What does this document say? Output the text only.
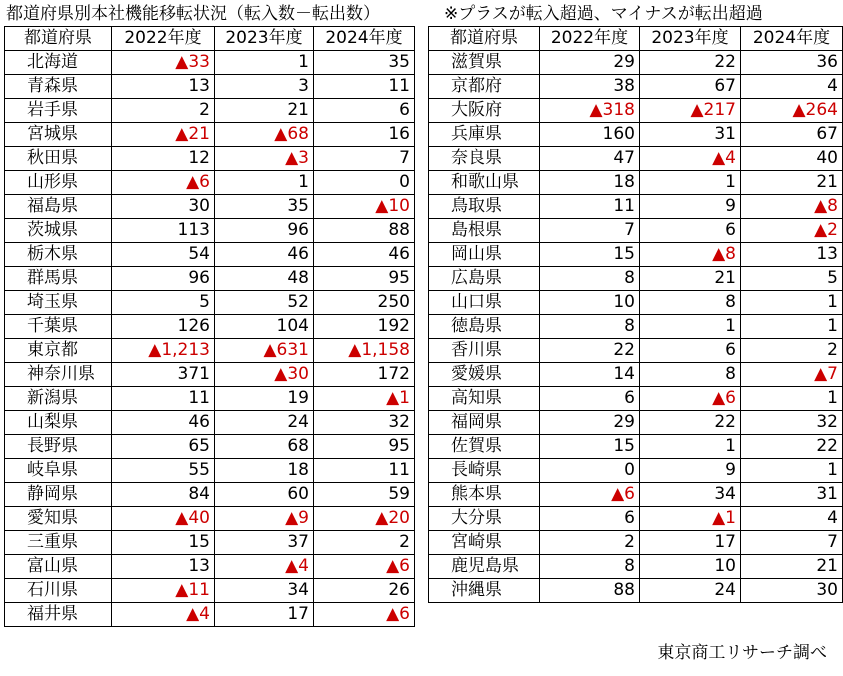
都道府県別本社機能移転状況（転入数－転出数）	※プラスが転入超過、マイナスが転出超過
都道府県	2022年度	2023年度	2024年度
北海道	▲33	1	35
青森県	13	3	11
岩手県	2	21	6
宮城県	▲21	▲68	16
秋田県	12	▲3	7
山形県	▲6	1	0
福島県	30	35	▲10
茨城県	113	96	88
栃木県	54	46	46
群馬県	96	48	95
埼玉県	5	52	250
千葉県	126	104	192
東京都	▲1,213	▲631	▲1,158
神奈川県	371	▲30	172
新潟県	11	19	▲1
山梨県	46	24	32
長野県	65	68	95
岐阜県	55	18	11
静岡県	84	60	59
愛知県	▲40	▲9	▲20
三重県	15	37	2
富山県	13	▲4	▲6
石川県	▲11	34	26
福井県	▲4	17	▲6
都道府県	2022年度	2023年度	2024年度
滋賀県	29	22	36
京都府	38	67	4
大阪府	▲318	▲217	▲264
兵庫県	160	31	67
奈良県	47	▲4	40
和歌山県	18	1	21
鳥取県	11	9	▲8
島根県	7	6	▲2
岡山県	15	▲8	13
広島県	8	21	5
山口県	10	8	1
徳島県	8	1	1
香川県	22	6	2
愛媛県	14	8	▲7
高知県	6	▲6	1
福岡県	29	22	32
佐賀県	15	1	22
長崎県	0	9	1
熊本県	▲6	34	31
大分県	6	▲1	4
宮崎県	2	17	7
鹿児島県	8	10	21
沖縄県	88	24	30
東京商工リサーチ調べ
